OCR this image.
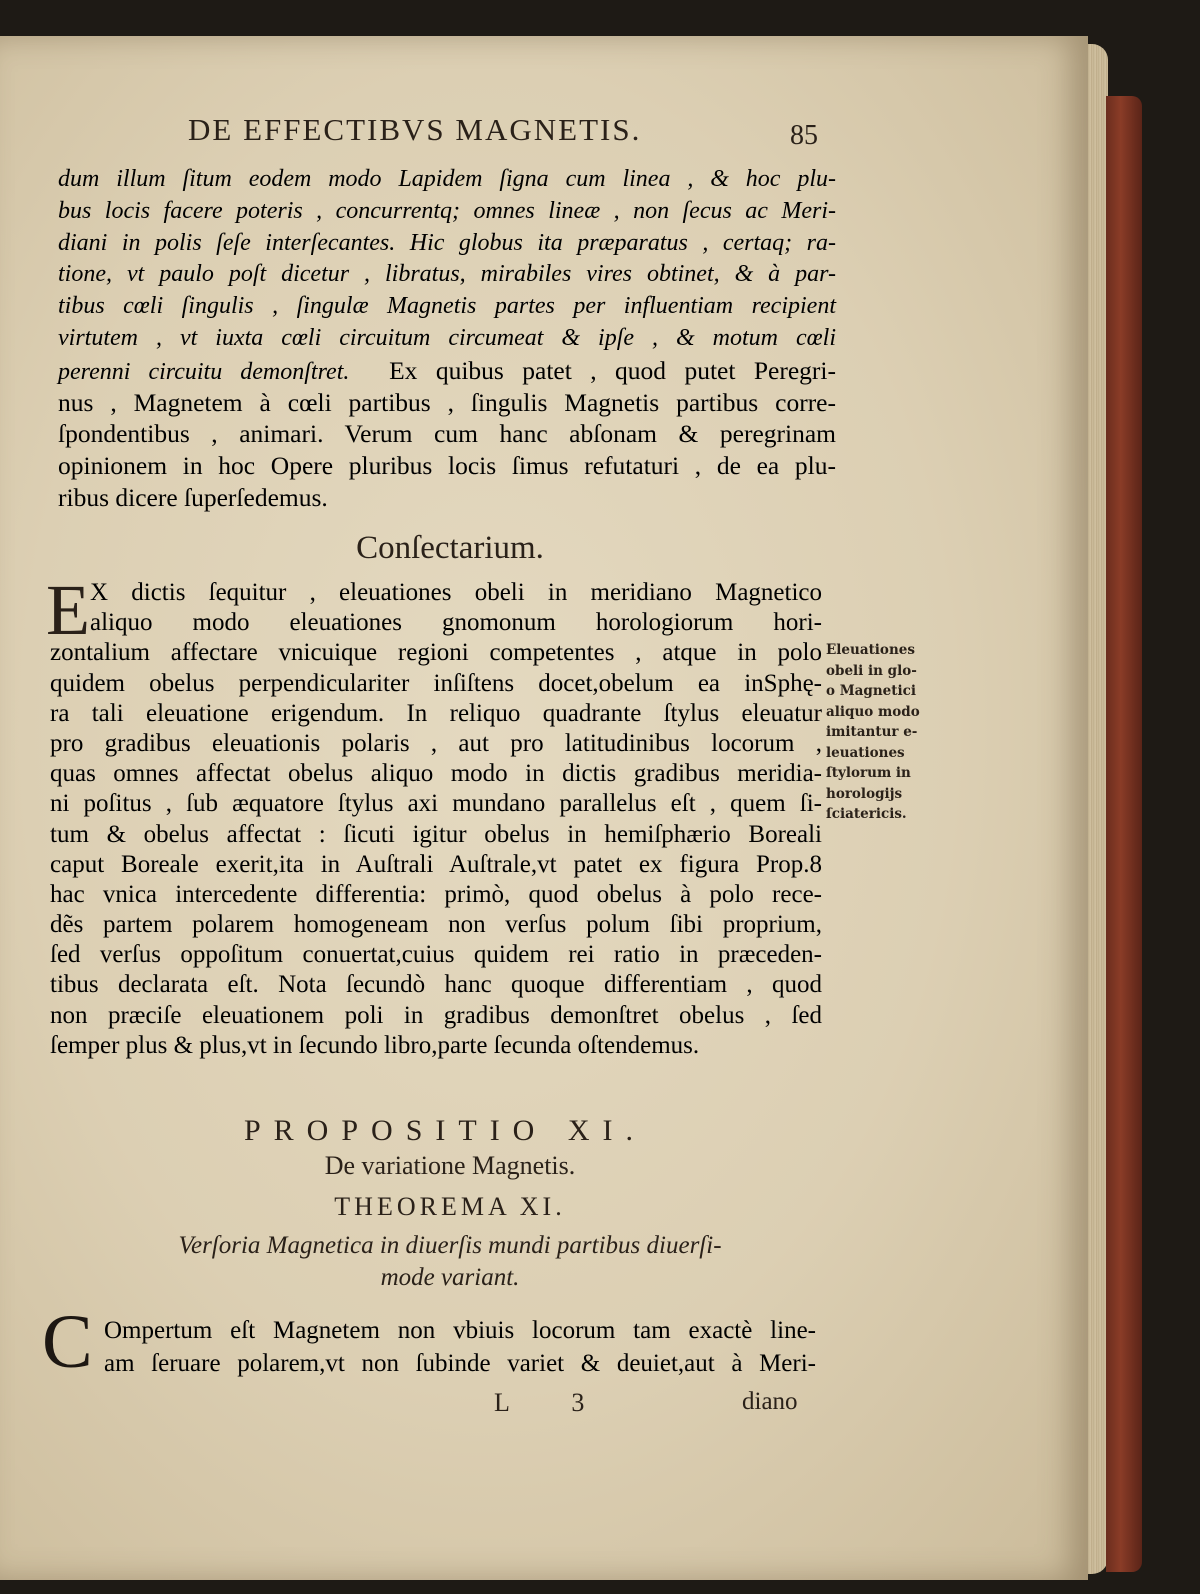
DE EFFECTIBVS MAGNETIS.	85
dum illum ſitum eodem modo Lapidem ſigna cum linea , & hoc plu-
bus locis facere poteris , concurrentq; omnes lineæ , non ſecus ac Meri-
diani in polis ſeſe interſecantes. Hic globus ita præparatus , certaq; ra-
tione, vt paulo poſt dicetur , libratus, mirabiles vires obtinet, & à par-
tibus cœli ſingulis , ſingulæ Magnetis partes per influentiam recipient
virtutem , vt iuxta cœli circuitum circumeat & ipſe , & motum cœli
perenni circuitu demonſtret. Ex quibus patet , quod putet Peregri-
nus , Magnetem à cœli partibus , ſingulis Magnetis partibus corre-
ſpondentibus , animari. Verum cum hanc abſonam & peregrinam
opinionem in hoc Opere pluribus locis ſimus refutaturi , de ea plu-
ribus dicere ſuperſedemus.
Conſectarium.
E X dictis ſequitur , eleuationes obeli in meridiano Magnetico
aliquo modo eleuationes gnomonum horologiorum hori-
zontalium affectare vnicuique regioni competentes , atque in polo
quidem obelus perpendiculariter inſiſtens docet,obelum ea inSphę-
ra tali eleuatione erigendum. In reliquo quadrante ſtylus eleuatur
pro gradibus eleuationis polaris , aut pro latitudinibus locorum ,
quas omnes affectat obelus aliquo modo in dictis gradibus meridia-
ni poſitus , ſub æquatore ſtylus axi mundano parallelus eſt , quem ſi-
tum & obelus affectat : ſicuti igitur obelus in hemiſphærio Boreali
caput Boreale exerit,ita in Auſtrali Auſtrale,vt patet ex figura Prop.8
hac vnica intercedente differentia: primò, quod obelus à polo rece-
dẽs partem polarem homogeneam non verſus polum ſibi proprium,
ſed verſus oppoſitum conuertat,cuius quidem rei ratio in præceden-
tibus declarata eſt. Nota ſecundò hanc quoque differentiam , quod
non præciſe eleuationem poli in gradibus demonſtret obelus , ſed
ſemper plus & plus,vt in ſecundo libro,parte ſecunda oſtendemus.
Eleuationes
obeli in glo-
o Magnetici
aliquo modo
imitantur e-
leuationes
ſtylorum in
horologijs
ſciatericis.
PROPOSITIO XI.
De variatione Magnetis.
THEOREMA XI.
Verſoria Magnetica in diuerſis mundi partibus diuerſi-
mode variant.
C Ompertum eſt Magnetem non vbiuis locorum tam exactè line-
am ſeruare polarem,vt non ſubinde variet & deuiet,aut à Meri-
L 3	diano
